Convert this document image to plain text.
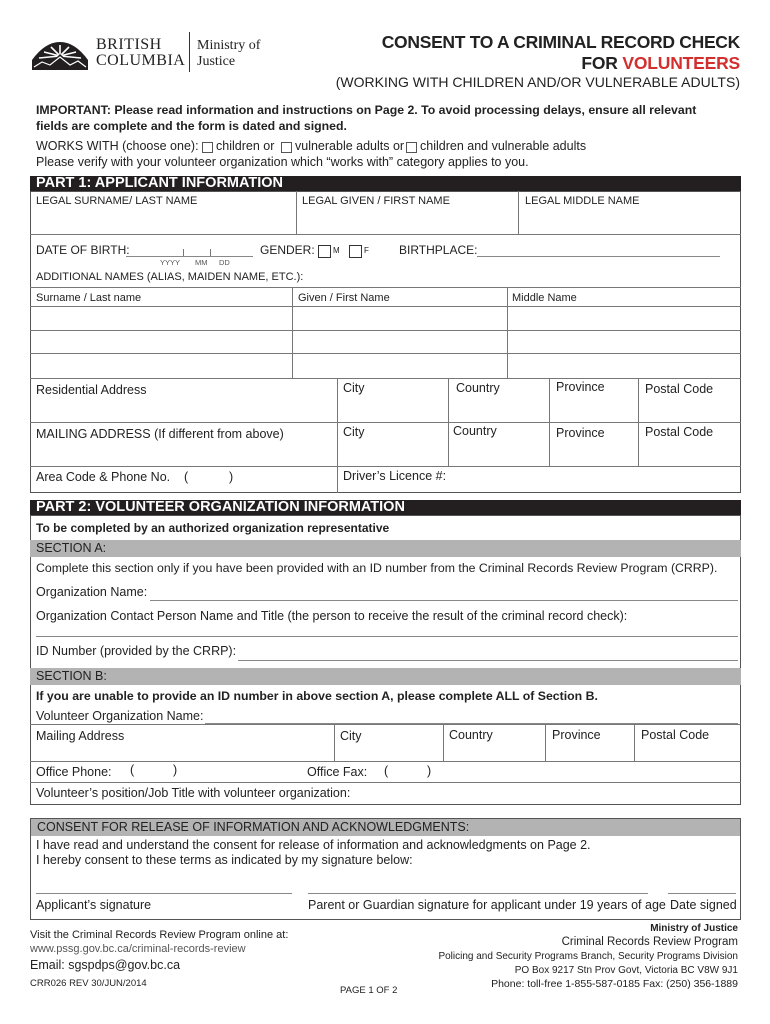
BRITISH
COLUMBIA
Ministry of
Justice
CONSENT TO A CRIMINAL RECORD CHECK
FOR VOLUNTEERS
(WORKING WITH CHILDREN AND/OR VULNERABLE ADULTS)
IMPORTANT: Please read information and instructions on Page 2. To avoid processing delays, ensure all relevant
fields are complete and the form is dated and signed.
WORKS WITH (choose one): children or vulnerable adults or children and vulnerable adults
Please verify with your volunteer organization which “works with” category applies to you.
PART 1: APPLICANT INFORMATION
LEGAL SURNAME/ LAST NAME	LEGAL GIVEN / FIRST NAME	LEGAL MIDDLE NAME
DATE OF BIRTH:
YYYY MM DD
GENDER: M	F	BIRTHPLACE:
ADDITIONAL NAMES (ALIAS, MAIDEN NAME, ETC.):
Surname / Last name	Given / First Name	Middle Name
Residential Address	City	Country	Province	Postal Code
MAILING ADDRESS (If different from above)	City	Country	Province	Postal Code
Area Code & Phone No. (	)	Driver’s Licence #:
PART 2: VOLUNTEER ORGANIZATION INFORMATION
To be completed by an authorized organization representative
SECTION A:
Complete this section only if you have been provided with an ID number from the Criminal Records Review Program (CRRP).
Organization Name:
Organization Contact Person Name and Title (the person to receive the result of the criminal record check):
ID Number (provided by the CRRP):
SECTION B:
If you are unable to provide an ID number in above section A, please complete ALL of Section B.
Volunteer Organization Name:
Mailing Address	City	Country	Province	Postal Code
Office Phone: (	)	Office Fax: (	)
Volunteer’s position/Job Title with volunteer organization:
CONSENT FOR RELEASE OF INFORMATION AND ACKNOWLEDGMENTS:
I have read and understand the consent for release of information and acknowledgments on Page 2.
I hereby consent to these terms as indicated by my signature below:
Applicant’s signature	Parent or Guardian signature for applicant under 19 years of age Date signed
Visit the Criminal Records Review Program online at:
www.pssg.gov.bc.ca/criminal-records-review
Email: sgspdps@gov.bc.ca
CRR026 REV 30/JUN/2014
PAGE 1 OF 2
Ministry of Justice
Criminal Records Review Program
Policing and Security Programs Branch, Security Programs Division
PO Box 9217 Stn Prov Govt, Victoria BC V8W 9J1
Phone: toll-free 1-855-587-0185 Fax: (250) 356-1889
